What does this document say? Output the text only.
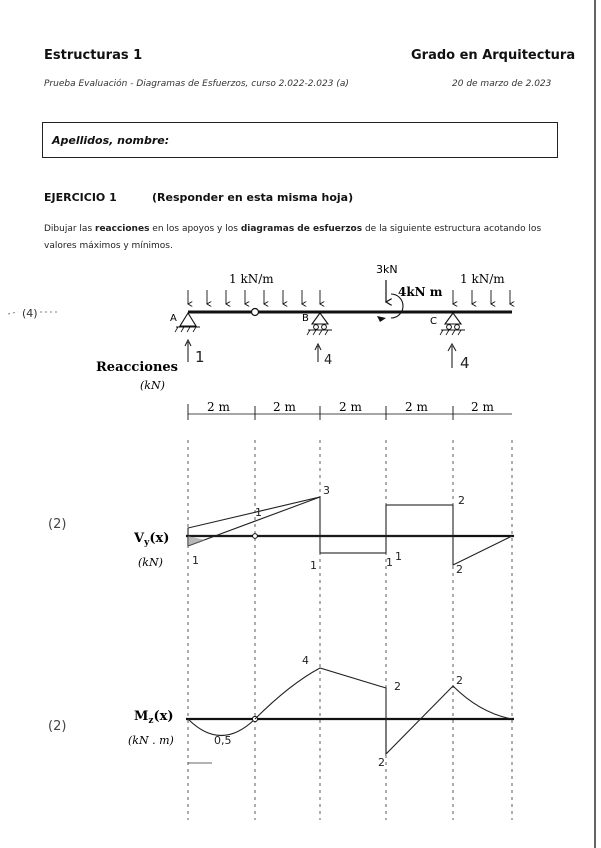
Estructuras 1	Grado en Arquitectura
Prueba Evaluación - Diagramas de Esfuerzos, curso 2.022-2.023 (a)	20 de marzo de 2.023
Apellidos, nombre:
EJERCICIO 1	(Responder en esta misma hoja)
Dibujar las reacciones en los apoyos y los diagramas de esfuerzos de la siguiente estructura acotando los valores máximos y mínimos.
(4)
1 kN/m	1 kN/m
3kN
4kN m
A	B	C
Reacciones
(kN)
1	4	4
2 m	2 m	2 m	2 m	2 m
(2)
$V_y(x)$
(kN)
3
1
1
1	1
2
2
1
(2)
$M_z(x)$
(kN . m)
4
2	2
2
0,5
